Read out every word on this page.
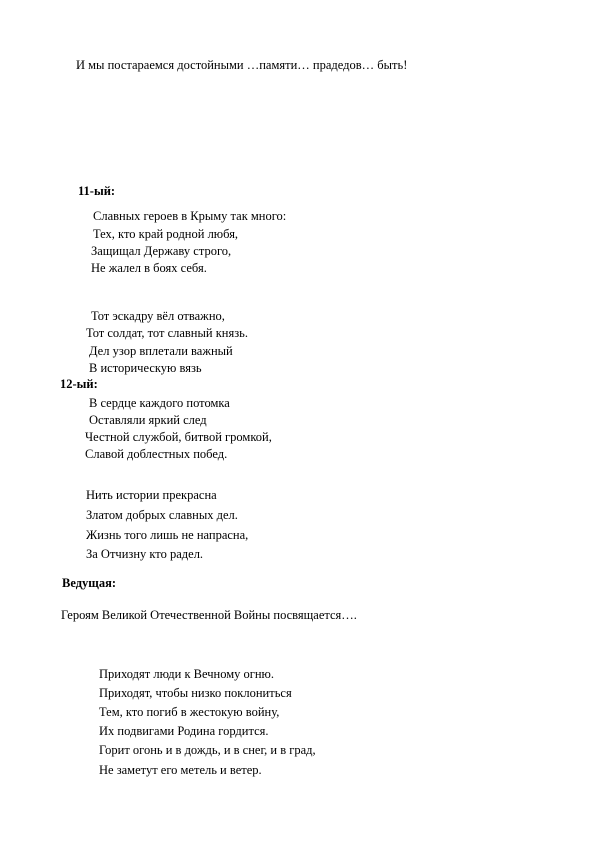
И мы постараемся достойными …памяти… прадедов… быть!
11-ый:
Славных героев в Крыму так много:
Тех, кто край родной любя,
Защищал Державу строго,
Не жалел в боях себя.
Тот эскадру вёл отважно,
Тот солдат, тот славный князь.
Дел узор вплетали важный
В историческую вязь
12-ый:
В сердце каждого потомка
Оставляли яркий след
Честной службой, битвой громкой,
Славой доблестных побед.
Нить истории прекрасна
Златом добрых славных дел.
Жизнь того лишь не напрасна,
За Отчизну кто радел.
Ведущая:
Героям Великой Отечественной Войны посвящается….
Приходят люди к Вечному огню.
Приходят, чтобы низко поклониться
Тем, кто погиб в жестокую войну,
Их подвигами Родина гордится.
Горит огонь и в дождь, и в снег, и в град,
Не заметут его метель и ветер.
